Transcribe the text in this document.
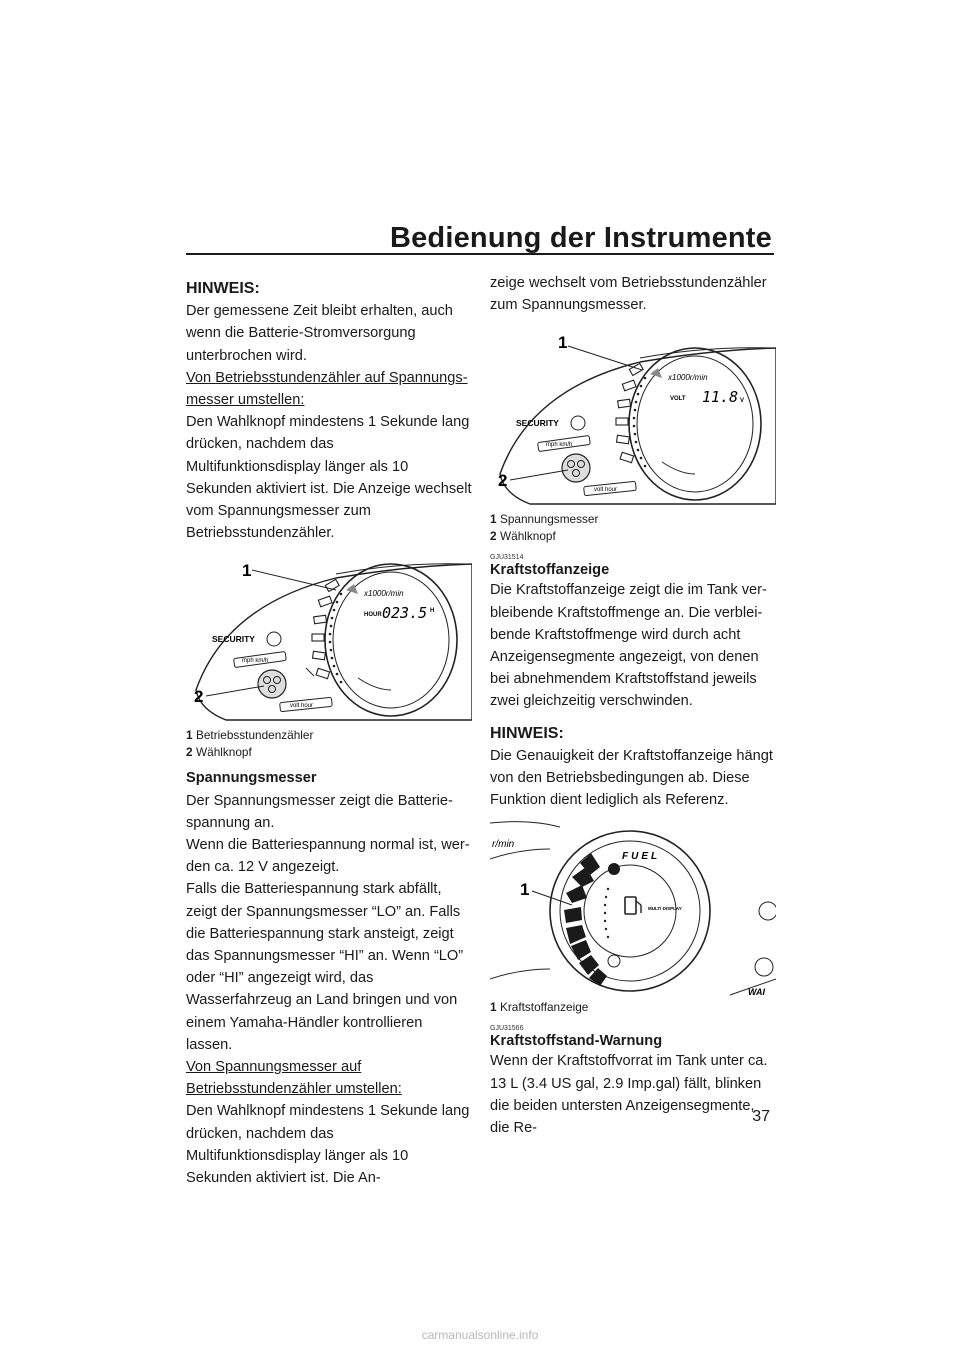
Bedienung der Instrumente

HINWEIS:

Der gemessene Zeit bleibt erhalten, auch wenn die Batterie-Stromversorgung unterbrochen wird.

Von Betriebsstundenzähler auf Spannungsmesser umstellen:

Den Wahlknopf mindestens 1 Sekunde lang drücken, nachdem das Multifunktionsdisplay länger als 10 Sekunden aktiviert ist. Die Anzeige wechselt vom Spannungsmesser zum Betriebsstundenzähler.

x1000r/min
HOUR 023.5 H
SECURITY
mph km/h
volt hour
1
2
1 Betriebsstundenzähler
2 Wählknopf

Spannungsmesser

Der Spannungsmesser zeigt die Batteriespannung an.

Wenn die Batteriespannung normal ist, werden ca. 12 V angezeigt.

Falls die Batteriespannung stark abfällt, zeigt der Spannungsmesser “LO” an. Falls die Batteriespannung stark ansteigt, zeigt das Spannungsmesser “HI” an. Wenn “LO” oder “HI” angezeigt wird, das Wasserfahrzeug an Land bringen und von einem Yamaha-Händler kontrollieren lassen.

Von Spannungsmesser auf Betriebsstundenzähler umstellen:

Den Wahlknopf mindestens 1 Sekunde lang drücken, nachdem das Multifunktionsdisplay länger als 10 Sekunden aktiviert ist. Die An-

zeige wechselt vom Betriebsstundenzähler zum Spannungsmesser.

x1000r/min
VOLT 11.8 V
SECURITY
mph km/h
volt hour
1
2
1 Spannungsmesser
2 Wählknopf

GJU31514

Kraftstoffanzeige

Die Kraftstoffanzeige zeigt die im Tank verbleibende Kraftstoffmenge an. Die verbleibende Kraftstoffmenge wird durch acht Anzeigensegmente angezeigt, von denen bei abnehmendem Kraftstoffstand jeweils zwei gleichzeitig verschwinden.

HINWEIS:

Die Genauigkeit der Kraftstoffanzeige hängt von den Betriebsbedingungen ab. Diese Funktion dient lediglich als Referenz.

r/min
FUEL
MULTI DISPLAY
WAI
1
1 Kraftstoffanzeige

GJU31566

Kraftstoffstand-Warnung

Wenn der Kraftstoffvorrat im Tank unter ca. 13 L (3.4 US gal, 2.9 Imp.gal) fällt, blinken die beiden untersten Anzeigensegmente, die Re-

37
carmanualsonline.info
